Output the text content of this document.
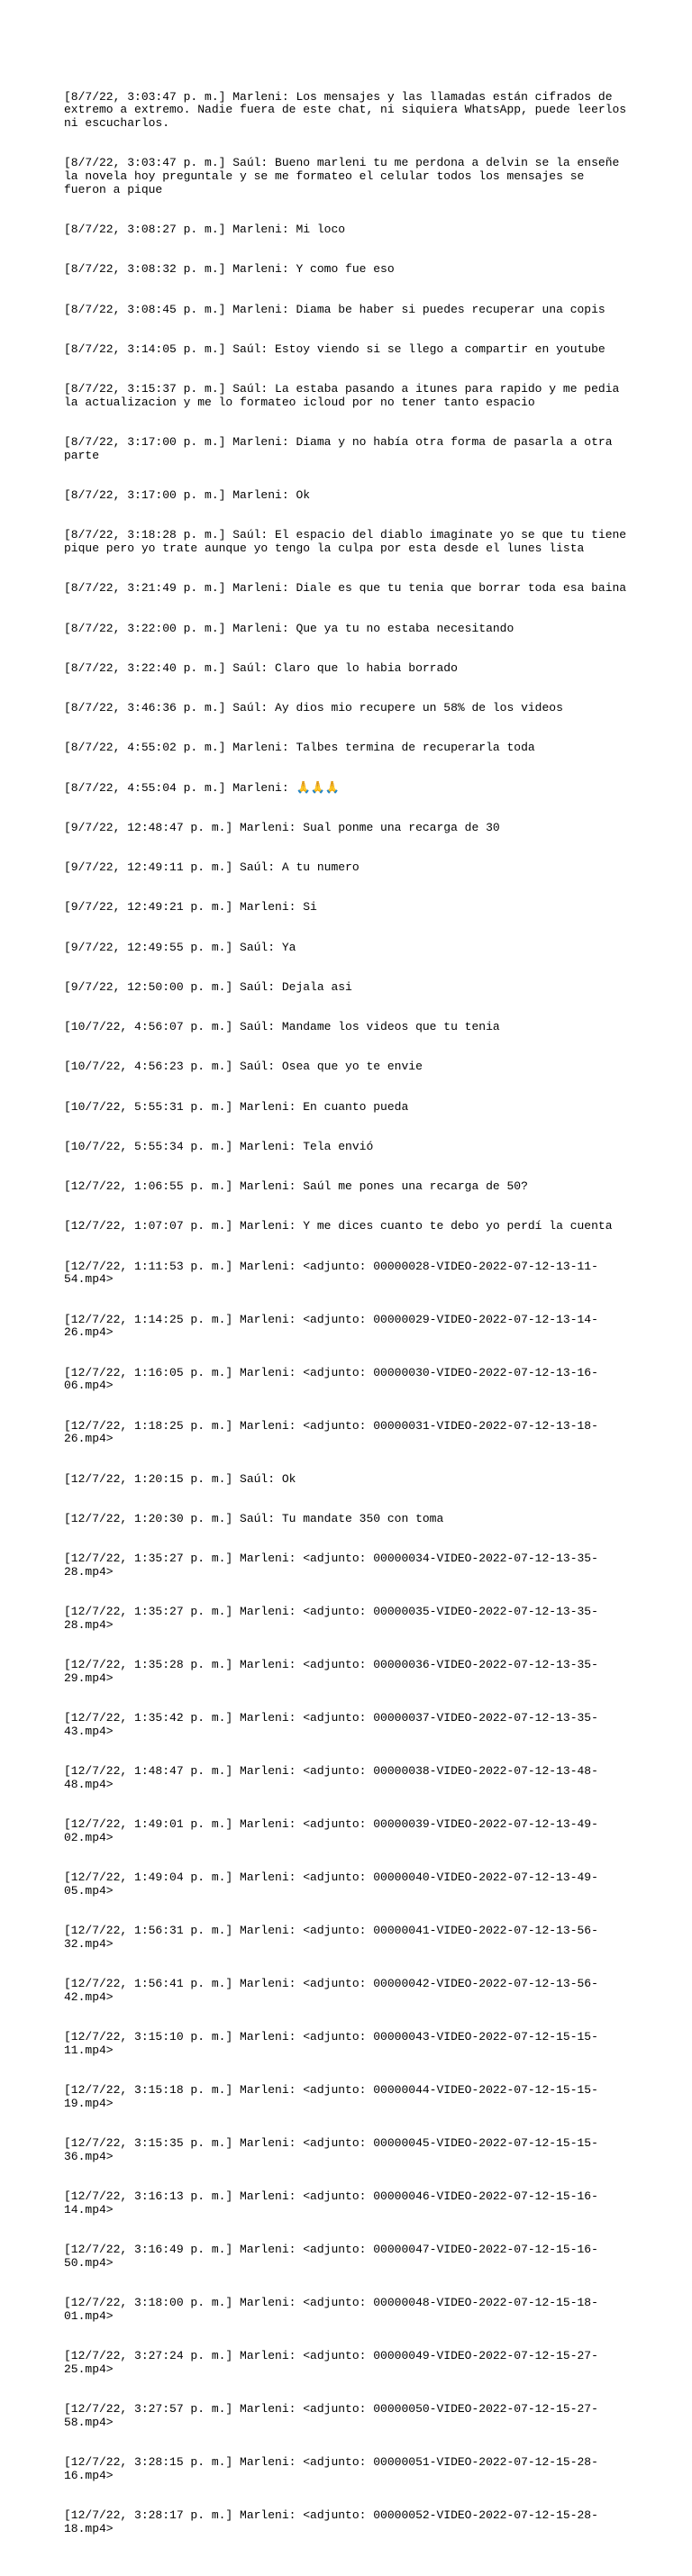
[8/7/22, 3:03:47 p. m.] Marleni: Los mensajes y las llamadas están cifrados de extremo a extremo. Nadie fuera de este chat, ni siquiera WhatsApp, puede leerlos ni escucharlos.

[8/7/22, 3:03:47 p. m.] Saúl: Bueno marleni tu me perdona a delvin se la enseñe la novela hoy preguntale y se me formateo el celular todos los mensajes se fueron a pique

[8/7/22, 3:08:27 p. m.] Marleni: Mi loco

[8/7/22, 3:08:32 p. m.] Marleni: Y como fue eso

[8/7/22, 3:08:45 p. m.] Marleni: Diama be haber si puedes recuperar una copis

[8/7/22, 3:14:05 p. m.] Saúl: Estoy viendo si se llego a compartir en youtube

[8/7/22, 3:15:37 p. m.] Saúl: La estaba pasando a itunes para rapido y me pedia la actualizacion y me lo formateo icloud por no tener tanto espacio

[8/7/22, 3:17:00 p. m.] Marleni: Diama y no había otra forma de pasarla a otra parte

[8/7/22, 3:17:00 p. m.] Marleni: Ok

[8/7/22, 3:18:28 p. m.] Saúl: El espacio del diablo imaginate yo se que tu tiene pique pero yo trate aunque yo tengo la culpa por esta desde el lunes lista

[8/7/22, 3:21:49 p. m.] Marleni: Diale es que tu tenia que borrar toda esa baina

[8/7/22, 3:22:00 p. m.] Marleni: Que ya tu no estaba necesitando

[8/7/22, 3:22:40 p. m.] Saúl: Claro que lo habia borrado

[8/7/22, 3:46:36 p. m.] Saúl: Ay dios mio recupere un 58% de los videos

[8/7/22, 4:55:02 p. m.] Marleni: Talbes termina de recuperarla toda

[8/7/22, 4:55:04 p. m.] Marleni: 🙏🙏🙏

[9/7/22, 12:48:47 p. m.] Marleni: Sual ponme una recarga de 30

[9/7/22, 12:49:11 p. m.] Saúl: A tu numero

[9/7/22, 12:49:21 p. m.] Marleni: Si

[9/7/22, 12:49:55 p. m.] Saúl: Ya

[9/7/22, 12:50:00 p. m.] Saúl: Dejala asi

[10/7/22, 4:56:07 p. m.] Saúl: Mandame los videos que tu tenia

[10/7/22, 4:56:23 p. m.] Saúl: Osea que yo te envie

[10/7/22, 5:55:31 p. m.] Marleni: En cuanto pueda

[10/7/22, 5:55:34 p. m.] Marleni: Tela envió

[12/7/22, 1:06:55 p. m.] Marleni: Saúl me pones una recarga de 50?

[12/7/22, 1:07:07 p. m.] Marleni: Y me dices cuanto te debo yo perdí la cuenta

[12/7/22, 1:11:53 p. m.] Marleni: <adjunto: 00000028-VIDEO-2022-07-12-13-11-54.mp4>

[12/7/22, 1:14:25 p. m.] Marleni: <adjunto: 00000029-VIDEO-2022-07-12-13-14-26.mp4>

[12/7/22, 1:16:05 p. m.] Marleni: <adjunto: 00000030-VIDEO-2022-07-12-13-16-06.mp4>

[12/7/22, 1:18:25 p. m.] Marleni: <adjunto: 00000031-VIDEO-2022-07-12-13-18-26.mp4>

[12/7/22, 1:20:15 p. m.] Saúl: Ok

[12/7/22, 1:20:30 p. m.] Saúl: Tu mandate 350 con toma

[12/7/22, 1:35:27 p. m.] Marleni: <adjunto: 00000034-VIDEO-2022-07-12-13-35-28.mp4>

[12/7/22, 1:35:27 p. m.] Marleni: <adjunto: 00000035-VIDEO-2022-07-12-13-35-28.mp4>

[12/7/22, 1:35:28 p. m.] Marleni: <adjunto: 00000036-VIDEO-2022-07-12-13-35-29.mp4>

[12/7/22, 1:35:42 p. m.] Marleni: <adjunto: 00000037-VIDEO-2022-07-12-13-35-43.mp4>

[12/7/22, 1:48:47 p. m.] Marleni: <adjunto: 00000038-VIDEO-2022-07-12-13-48-48.mp4>

[12/7/22, 1:49:01 p. m.] Marleni: <adjunto: 00000039-VIDEO-2022-07-12-13-49-02.mp4>

[12/7/22, 1:49:04 p. m.] Marleni: <adjunto: 00000040-VIDEO-2022-07-12-13-49-05.mp4>

[12/7/22, 1:56:31 p. m.] Marleni: <adjunto: 00000041-VIDEO-2022-07-12-13-56-32.mp4>

[12/7/22, 1:56:41 p. m.] Marleni: <adjunto: 00000042-VIDEO-2022-07-12-13-56-42.mp4>

[12/7/22, 3:15:10 p. m.] Marleni: <adjunto: 00000043-VIDEO-2022-07-12-15-15-11.mp4>

[12/7/22, 3:15:18 p. m.] Marleni: <adjunto: 00000044-VIDEO-2022-07-12-15-15-19.mp4>

[12/7/22, 3:15:35 p. m.] Marleni: <adjunto: 00000045-VIDEO-2022-07-12-15-15-36.mp4>

[12/7/22, 3:16:13 p. m.] Marleni: <adjunto: 00000046-VIDEO-2022-07-12-15-16-14.mp4>

[12/7/22, 3:16:49 p. m.] Marleni: <adjunto: 00000047-VIDEO-2022-07-12-15-16-50.mp4>

[12/7/22, 3:18:00 p. m.] Marleni: <adjunto: 00000048-VIDEO-2022-07-12-15-18-01.mp4>

[12/7/22, 3:27:24 p. m.] Marleni: <adjunto: 00000049-VIDEO-2022-07-12-15-27-25.mp4>

[12/7/22, 3:27:57 p. m.] Marleni: <adjunto: 00000050-VIDEO-2022-07-12-15-27-58.mp4>

[12/7/22, 3:28:15 p. m.] Marleni: <adjunto: 00000051-VIDEO-2022-07-12-15-28-16.mp4>

[12/7/22, 3:28:17 p. m.] Marleni: <adjunto: 00000052-VIDEO-2022-07-12-15-28-18.mp4>
